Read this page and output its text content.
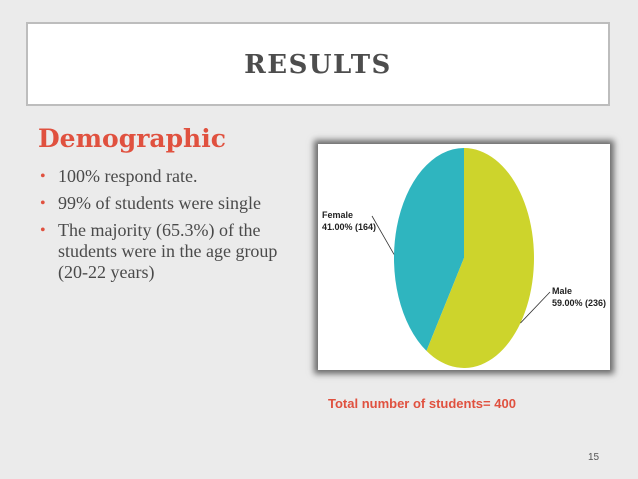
RESULTS
Demographic
• 100% respond rate.
• 99% of students were single
• The majority (65.3%) of the students were in the age group (20-22 years)
Female
41.00% (164)
Male
59.00% (236)
Total number of students= 400
15
